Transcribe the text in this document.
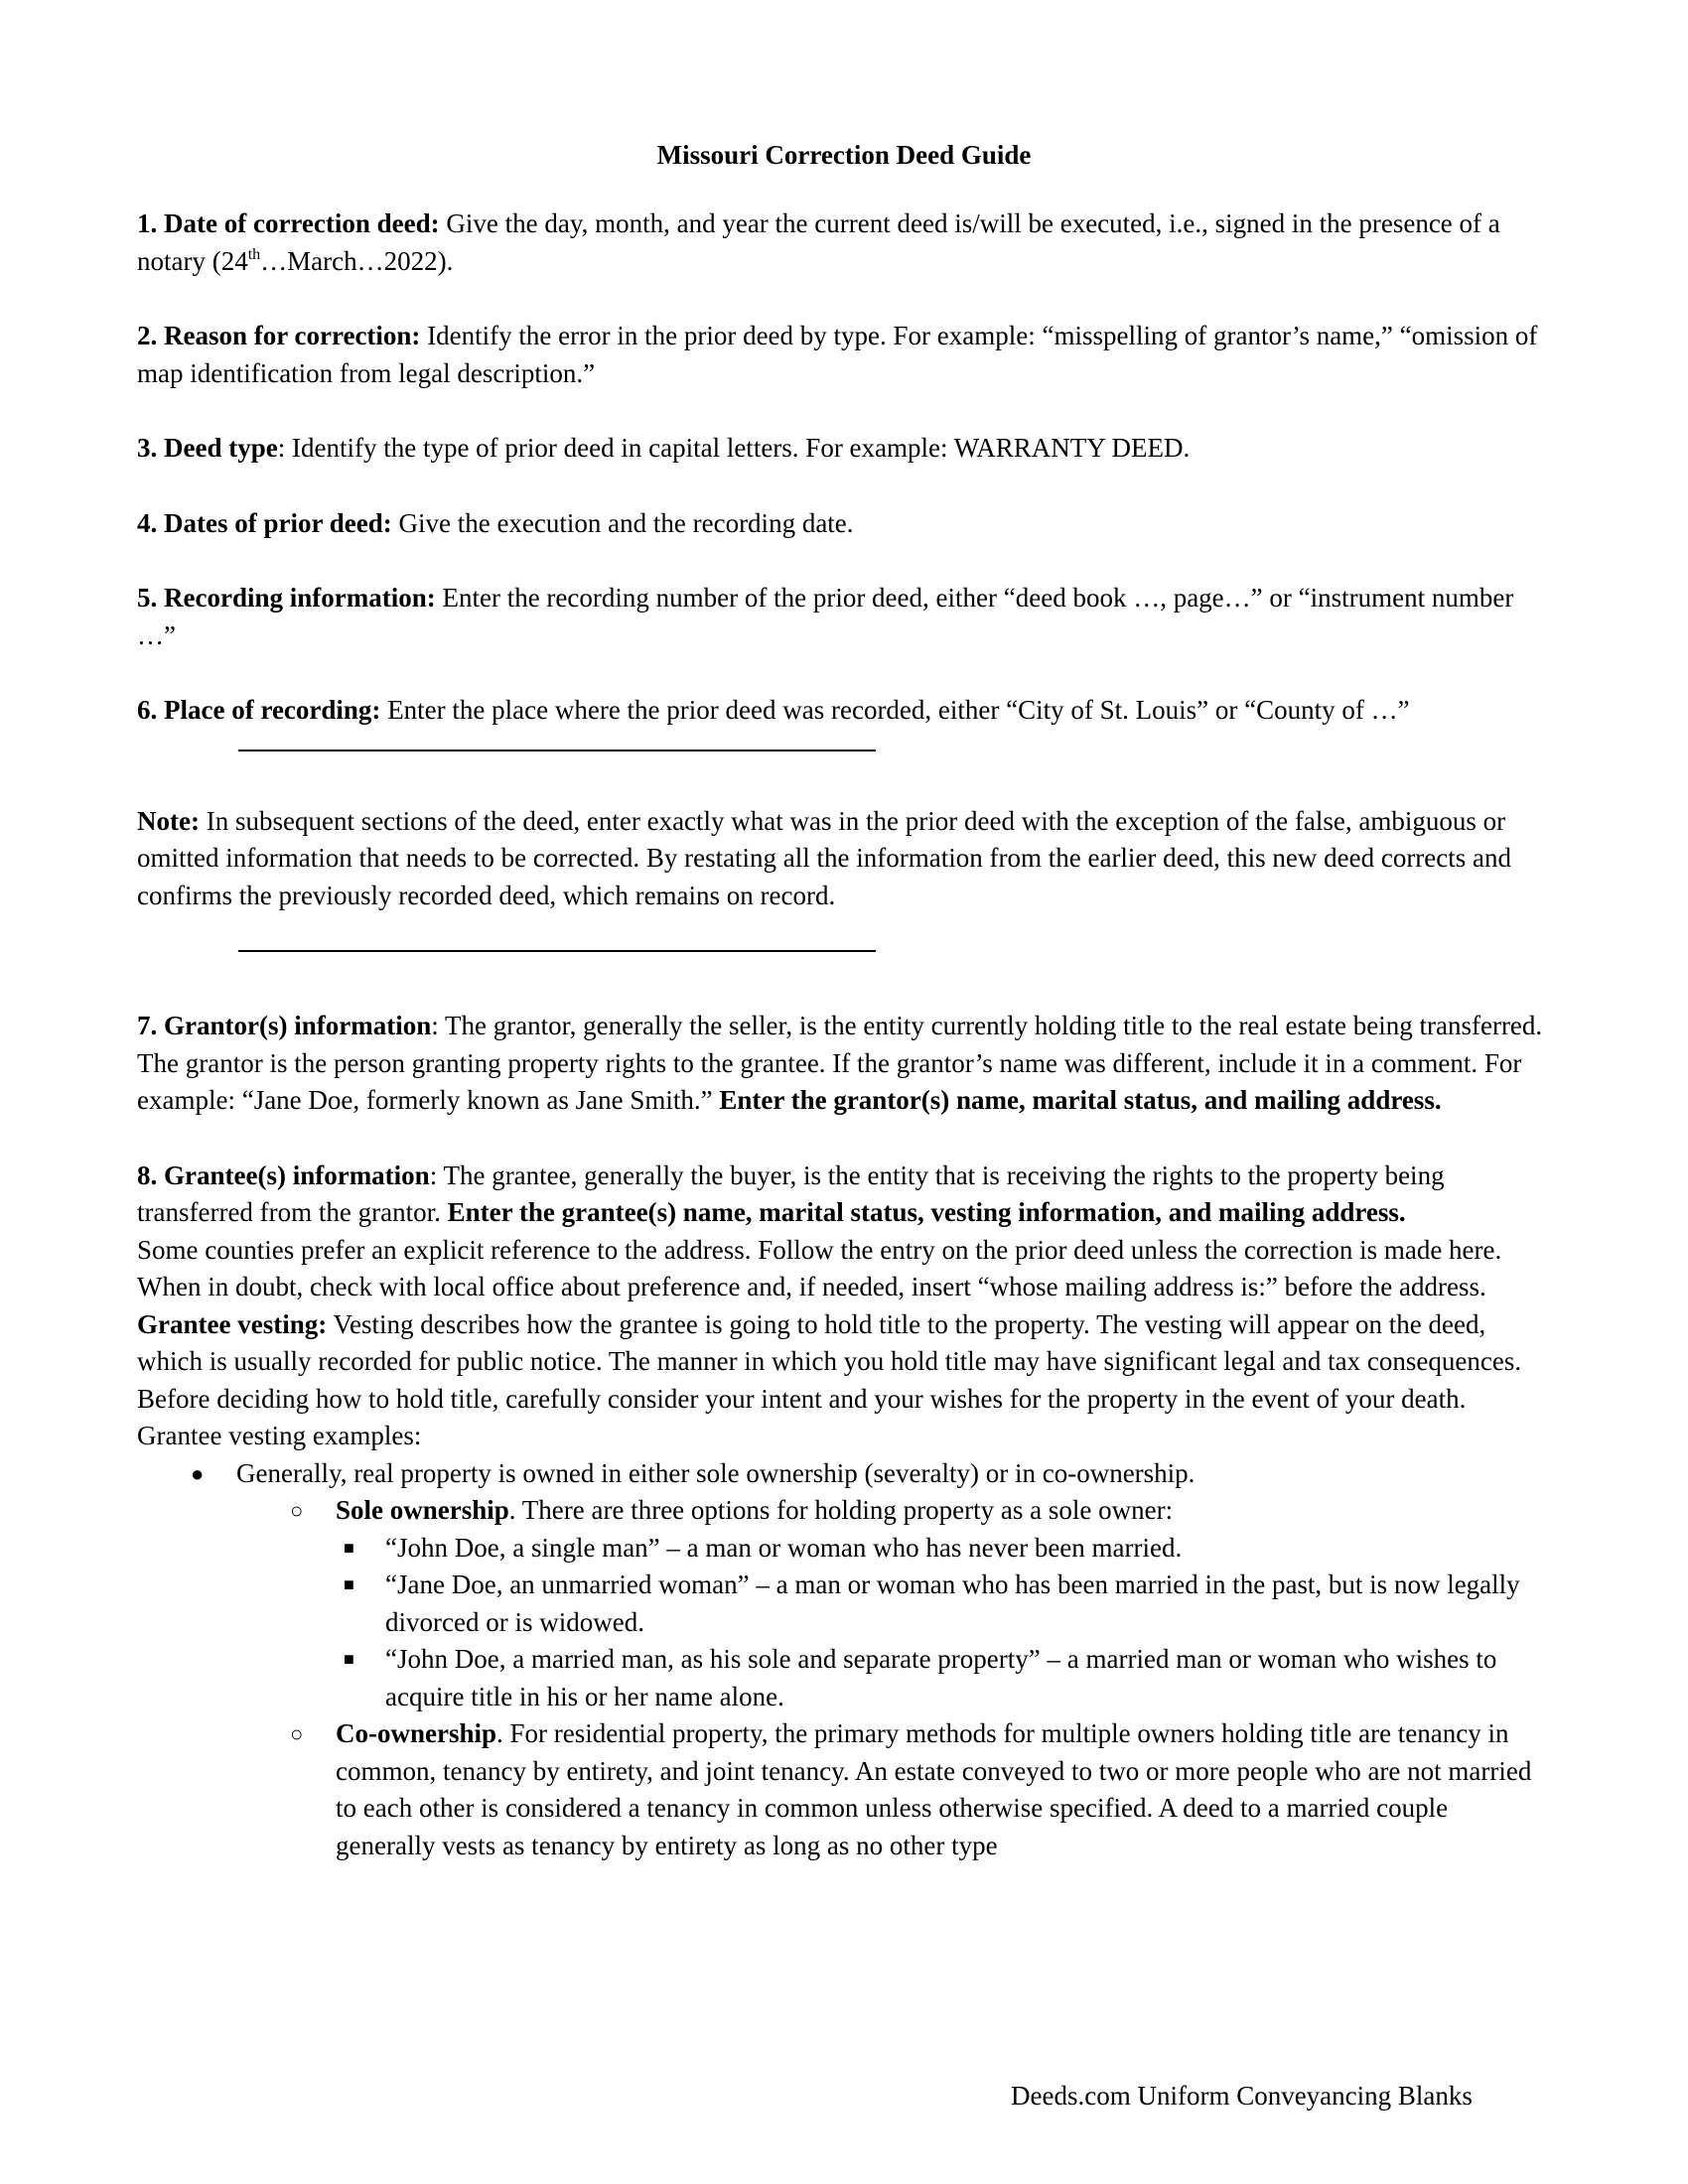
Missouri Correction Deed Guide

1. Date of correction deed: Give the day, month, and year the current deed is/will be executed, i.e., signed in the presence of a notary (24th…March…2022).

2. Reason for correction: Identify the error in the prior deed by type. For example: “misspelling of grantor’s name,” “omission of map identification from legal description.”

3. Deed type: Identify the type of prior deed in capital letters. For example: WARRANTY DEED.

4. Dates of prior deed: Give the execution and the recording date.

5. Recording information: Enter the recording number of the prior deed, either “deed book …, page…” or “instrument number …”

6. Place of recording: Enter the place where the prior deed was recorded, either “City of St. Louis” or “County of …”

Note: In subsequent sections of the deed, enter exactly what was in the prior deed with the exception of the false, ambiguous or omitted information that needs to be corrected. By restating all the information from the earlier deed, this new deed corrects and confirms the previously recorded deed, which remains on record.

7. Grantor(s) information: The grantor, generally the seller, is the entity currently holding title to the real estate being transferred. The grantor is the person granting property rights to the grantee. If the grantor’s name was different, include it in a comment. For example: “Jane Doe, formerly known as Jane Smith.” Enter the grantor(s) name, marital status, and mailing address.

8. Grantee(s) information: The grantee, generally the buyer, is the entity that is receiving the rights to the property being transferred from the grantor. Enter the grantee(s) name, marital status, vesting information, and mailing address.

Some counties prefer an explicit reference to the address. Follow the entry on the prior deed unless the correction is made here. When in doubt, check with local office about preference and, if needed, insert “whose mailing address is:” before the address.

Grantee vesting: Vesting describes how the grantee is going to hold title to the property. The vesting will appear on the deed, which is usually recorded for public notice. The manner in which you hold title may have significant legal and tax consequences. Before deciding how to hold title, carefully consider your intent and your wishes for the property in the event of your death. Grantee vesting examples:

● Generally, real property is owned in either sole ownership (severalty) or in co-ownership.
○ Sole ownership. There are three options for holding property as a sole owner:
■ “John Doe, a single man” – a man or woman who has never been married.
■ “Jane Doe, an unmarried woman” – a man or woman who has been married in the past, but is now legally divorced or is widowed.
■ “John Doe, a married man, as his sole and separate property” – a married man or woman who wishes to acquire title in his or her name alone.
○ Co-ownership. For residential property, the primary methods for multiple owners holding title are tenancy in common, tenancy by entirety, and joint tenancy. An estate conveyed to two or more people who are not married to each other is considered a tenancy in common unless otherwise specified. A deed to a married couple generally vests as tenancy by entirety as long as no other type
Deeds.com Uniform Conveyancing Blanks
